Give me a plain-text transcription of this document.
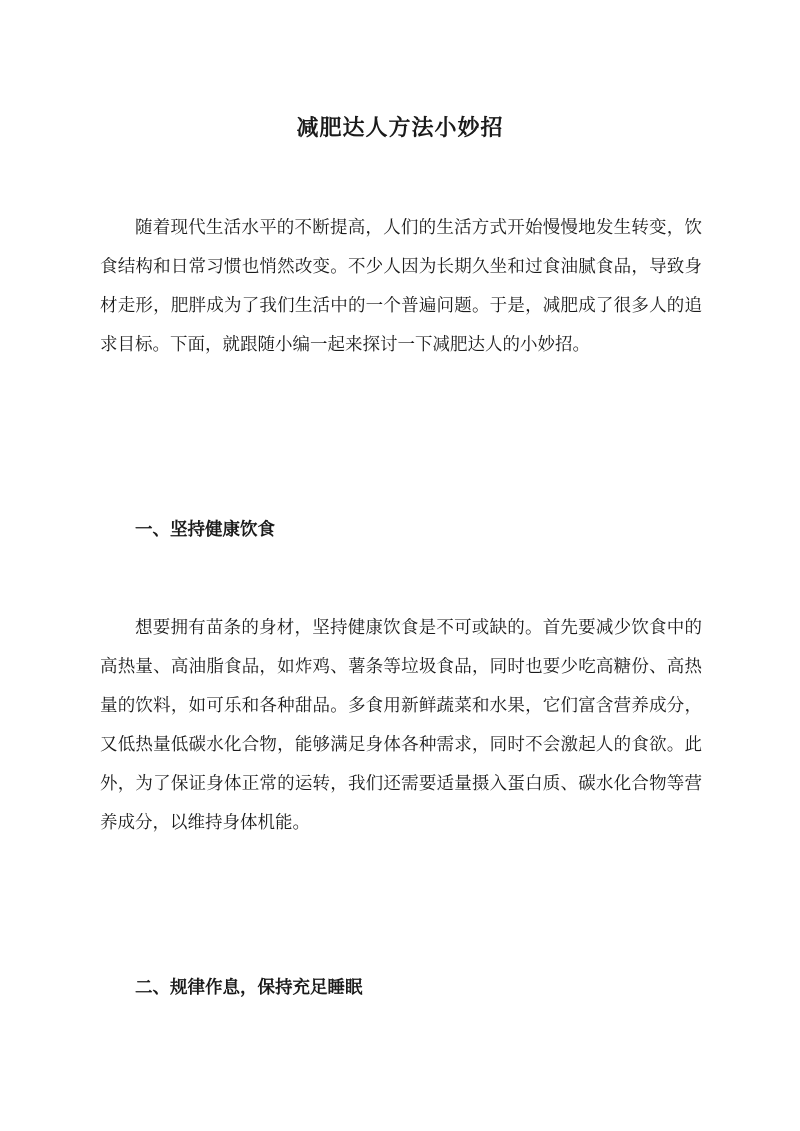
减肥达人方法小妙招

随着现代生活水平的不断提高，人们的生活方式开始慢慢地发生转变，饮食结构和日常习惯也悄然改变。不少人因为长期久坐和过食油腻食品，导致身材走形，肥胖成为了我们生活中的一个普遍问题。于是，减肥成了很多人的追求目标。下面，就跟随小编一起来探讨一下减肥达人的小妙招。

一、坚持健康饮食

想要拥有苗条的身材，坚持健康饮食是不可或缺的。首先要减少饮食中的高热量、高油脂食品，如炸鸡、薯条等垃圾食品，同时也要少吃高糖份、高热量的饮料，如可乐和各种甜品。多食用新鲜蔬菜和水果，它们富含营养成分，又低热量低碳水化合物，能够满足身体各种需求，同时不会激起人的食欲。此外，为了保证身体正常的运转，我们还需要适量摄入蛋白质、碳水化合物等营养成分，以维持身体机能。

二、规律作息，保持充足睡眠
